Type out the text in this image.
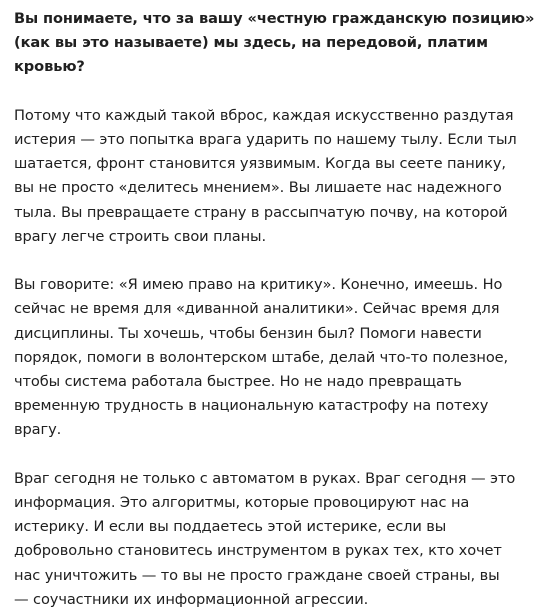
Вы понимаете, что за вашу «честную гражданскую позицию»
(как вы это называете) мы здесь, на передовой, платим
кровью?

Потому что каждый такой вброс, каждая искусственно раздутая
истерия — это попытка врага ударить по нашему тылу. Если тыл
шатается, фронт становится уязвимым. Когда вы сеете панику,
вы не просто «делитесь мнением». Вы лишаете нас надежного
тыла. Вы превращаете страну в рассыпчатую почву, на которой
врагу легче строить свои планы.

Вы говорите: «Я имею право на критику». Конечно, имеешь. Но
сейчас не время для «диванной аналитики». Сейчас время для
дисциплины. Ты хочешь, чтобы бензин был? Помоги навести
порядок, помоги в волонтерском штабе, делай что-то полезное,
чтобы система работала быстрее. Но не надо превращать
временную трудность в национальную катастрофу на потеху
врагу.

Враг сегодня не только с автоматом в руках. Враг сегодня — это
информация. Это алгоритмы, которые провоцируют нас на
истерику. И если вы поддаетесь этой истерике, если вы
добровольно становитесь инструментом в руках тех, кто хочет
нас уничтожить — то вы не просто граждане своей страны, вы
— соучастники их информационной агрессии.
